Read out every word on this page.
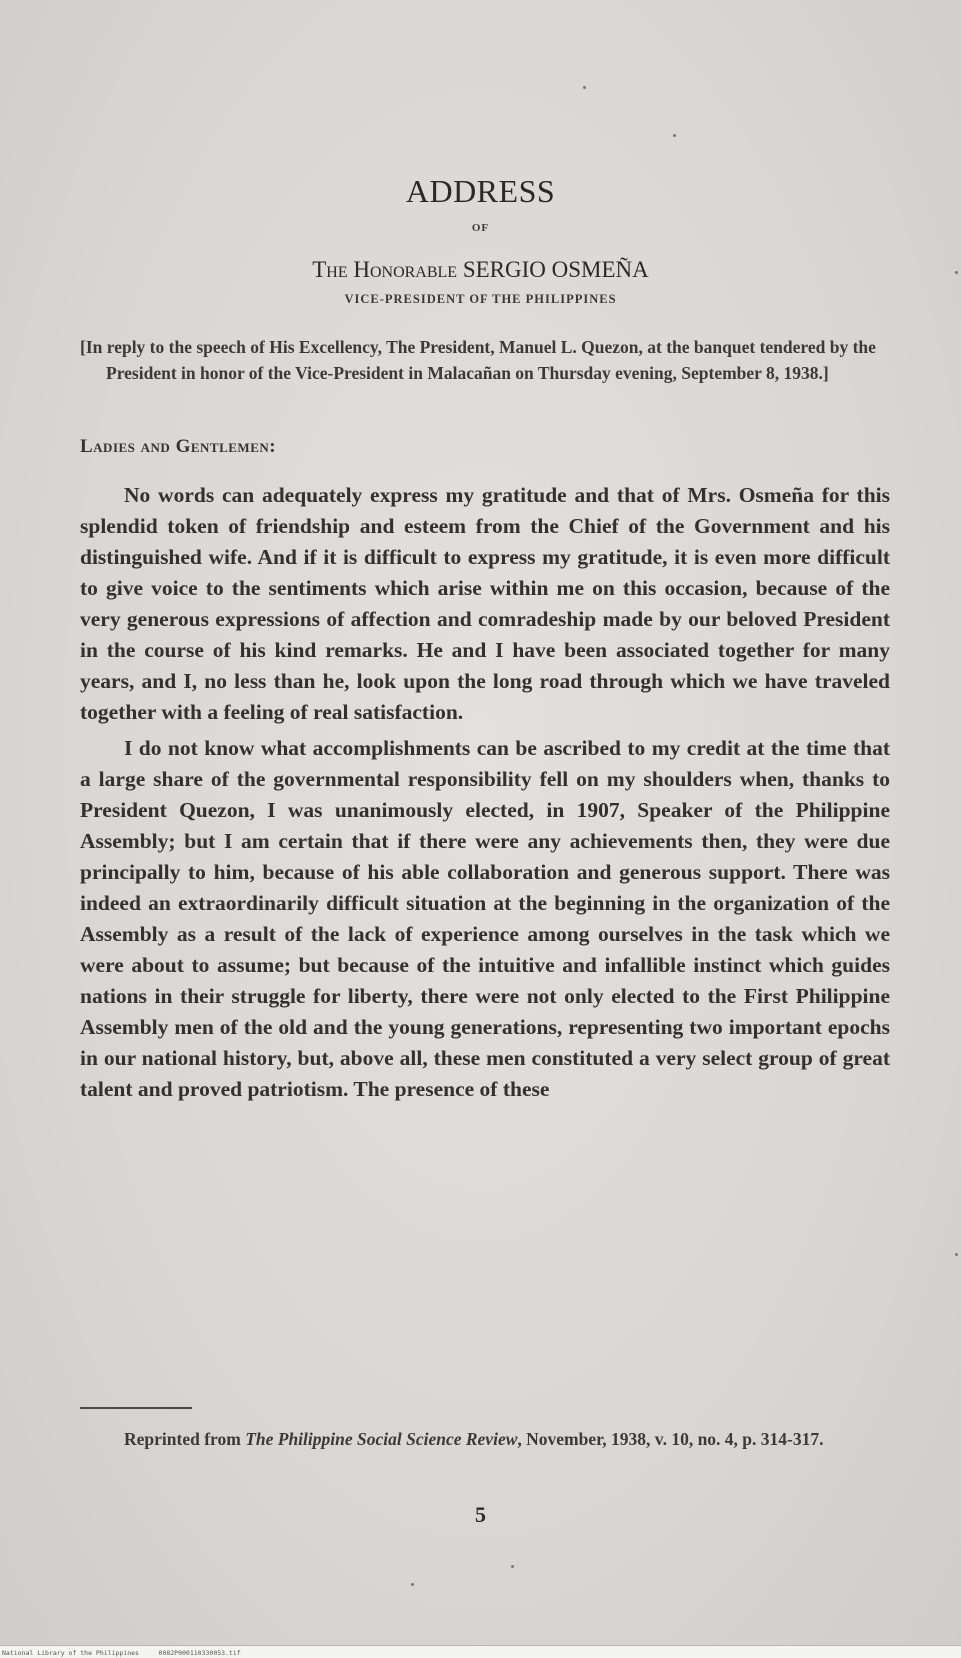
ADDRESS
OF
The Honorable SERGIO OSMEÑA
VICE-PRESIDENT OF THE PHILIPPINES
[In reply to the speech of His Excellency, The President, Manuel L. Quezon, at the banquet tendered by the President in honor of the Vice-President in Malacañan on Thursday evening, September 8, 1938.]
Ladies and Gentlemen:

No words can adequately express my gratitude and that of Mrs. Osmeña for this splendid token of friendship and esteem from the Chief of the Government and his distinguished wife. And if it is difficult to express my gratitude, it is even more difficult to give voice to the sentiments which arise within me on this occasion, because of the very generous expressions of affection and comradeship made by our beloved President in the course of his kind remarks. He and I have been associated together for many years, and I, no less than he, look upon the long road through which we have traveled together with a feeling of real satisfaction.

I do not know what accomplishments can be ascribed to my credit at the time that a large share of the governmental responsibility fell on my shoulders when, thanks to President Quezon, I was unanimously elected, in 1907, Speaker of the Philippine Assembly; but I am certain that if there were any achievements then, they were due principally to him, because of his able collaboration and generous support. There was indeed an extraordinarily difficult situation at the beginning in the organization of the Assembly as a result of the lack of experience among ourselves in the task which we were about to assume; but because of the intuitive and infallible instinct which guides nations in their struggle for liberty, there were not only elected to the First Philippine Assembly men of the old and the young generations, representing two important epochs in our national history, but, above all, these men constituted a very select group of great talent and proved patriotism. The presence of these

Reprinted from The Philippine Social Science Review, November, 1938, v. 10, no. 4, p. 314-317.
5
National Library of the Philippines     0082P000110330053.tif
